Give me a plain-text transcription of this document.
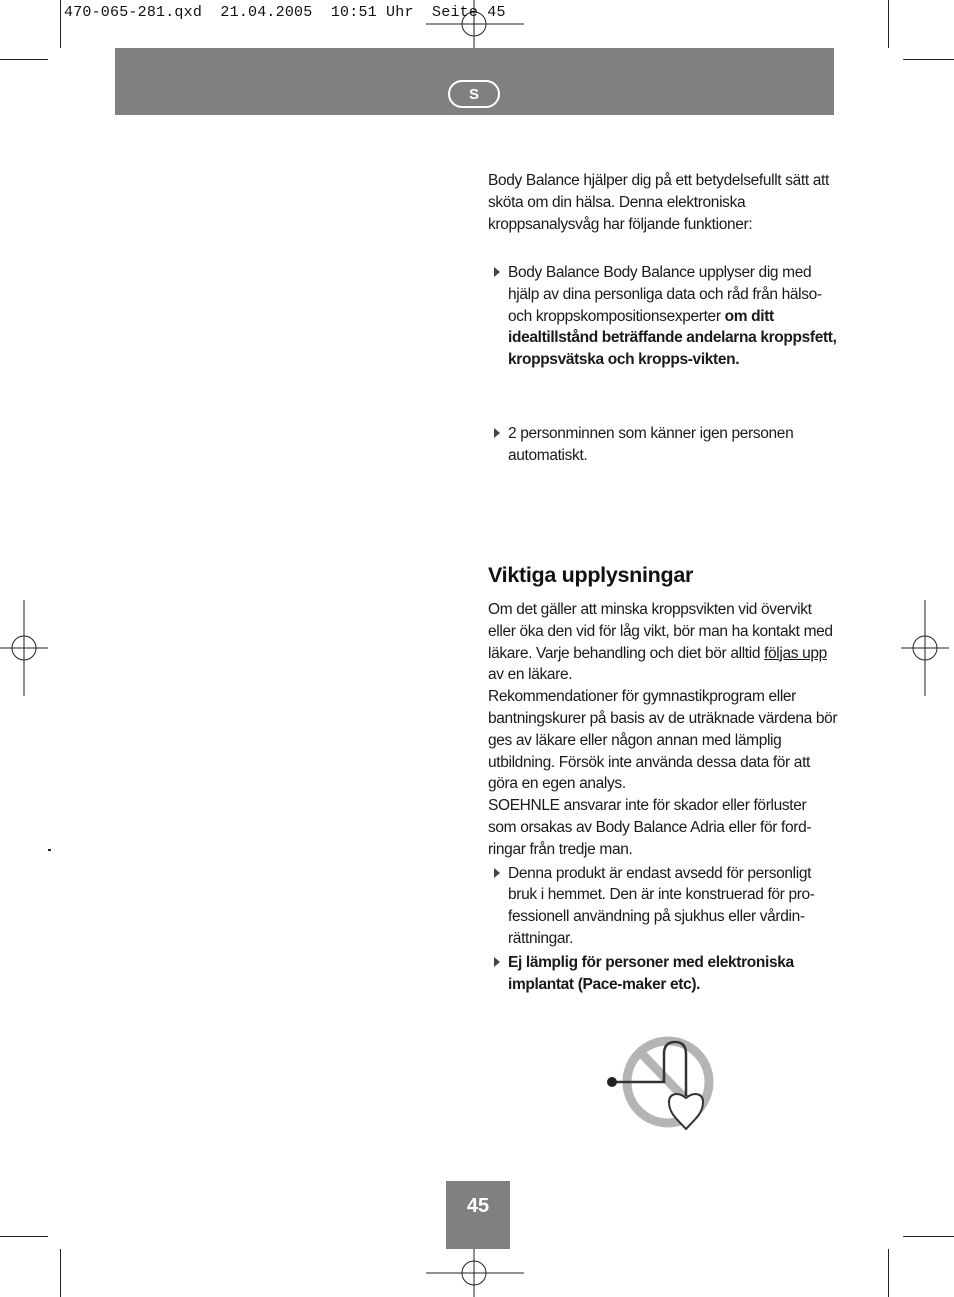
470-065-281.qxd  21.04.2005  10:51 Uhr  Seite 45
S

Body Balance hjälper dig på ett betydelsefullt sätt att sköta om din hälsa. Denna elektroniska kroppsanalysvåg har följande funktioner:

Body Balance Body Balance upplyser dig med hjälp av dina personliga data och råd från hälso- och kroppskompositionsexperter om ditt idealtillstånd beträffande andelarna kroppsfett, kroppsvätska och kropps-vikten.
2 personminnen som känner igen personen automatiskt.
Viktiga upplysningar

Om det gäller att minska kroppsvikten vid övervikt eller öka den vid för låg vikt, bör man ha kontakt med läkare. Varje behandling och diet bör alltid följas upp av en läkare.

Rekommendationer för gymnastikprogram eller bantningskurer på basis av de uträknade värdena bör ges av läkare eller någon annan med lämplig utbildning. Försök inte använda dessa data för att göra en egen analys.

SOEHNLE ansvarar inte för skador eller förluster som orsakas av Body Balance Adria eller för ford-ringar från tredje man.

Denna produkt är endast avsedd för personligt bruk i hemmet. Den är inte konstruerad för pro-fessionell användning på sjukhus eller vårdin-rättningar.
Ej lämplig för personer med elektroniska implantat (Pace-maker etc).
45
